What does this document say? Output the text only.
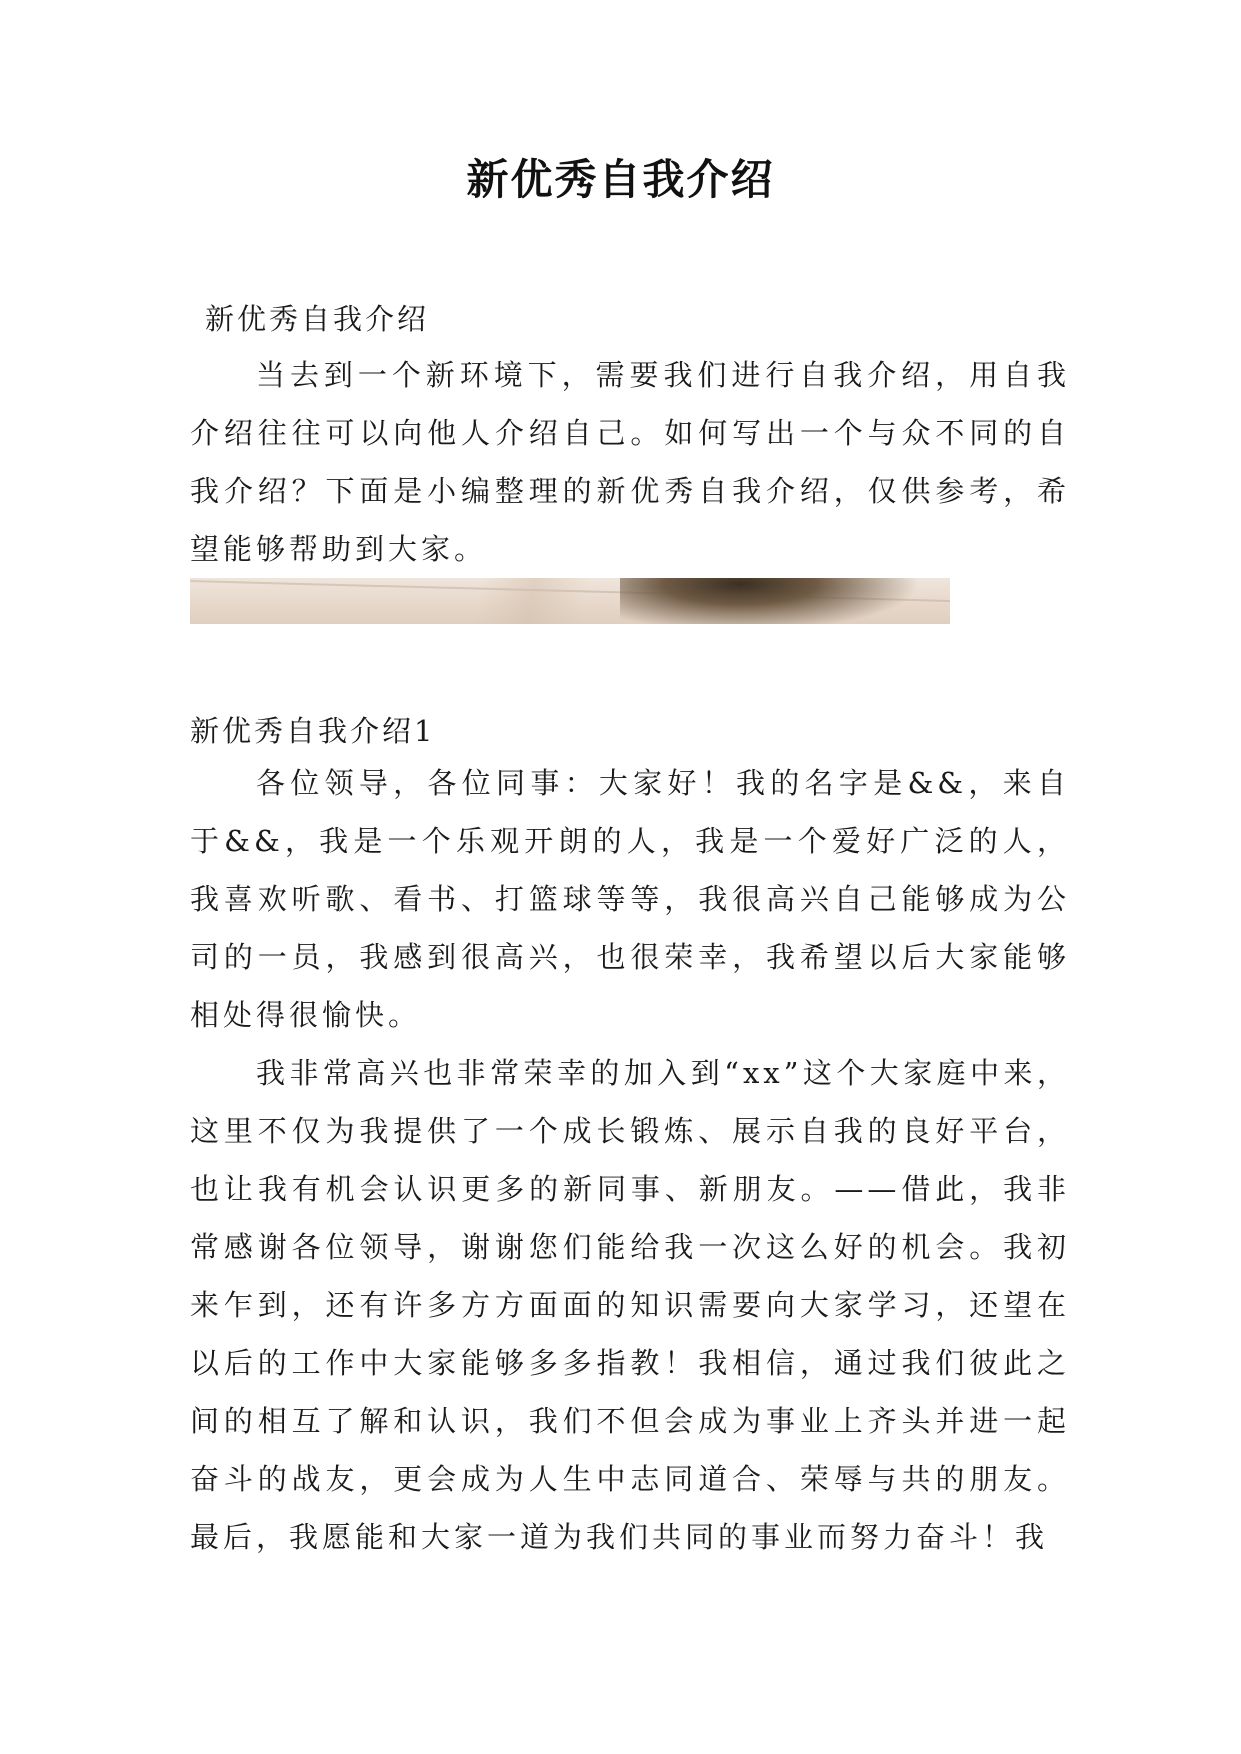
新优秀自我介绍
新优秀自我介绍

当去到一个新环境下，需要我们进行自我介绍，用自我介绍往往可以向他人介绍自己。如何写出一个与众不同的自我介绍？下面是小编整理的新优秀自我介绍，仅供参考，希望能够帮助到大家。

新优秀自我介绍1

各位领导，各位同事：大家好！我的名字是&&，来自于&&，我是一个乐观开朗的人，我是一个爱好广泛的人，我喜欢听歌、看书、打篮球等等，我很高兴自己能够成为公司的一员，我感到很高兴，也很荣幸，我希望以后大家能够相处得很愉快。

我非常高兴也非常荣幸的加入到“xx”这个大家庭中来，这里不仅为我提供了一个成长锻炼、展示自我的良好平台，也让我有机会认识更多的新同事、新朋友。——借此，我非常感谢各位领导，谢谢您们能给我一次这么好的机会。我初来乍到，还有许多方方面面的知识需要向大家学习，还望在以后的工作中大家能够多多指教！我相信，通过我们彼此之间的相互了解和认识，我们不但会成为事业上齐头并进一起奋斗的战友，更会成为人生中志同道合、荣辱与共的朋友。最后，我愿能和大家一道为我们共同的事业而努力奋斗！我
